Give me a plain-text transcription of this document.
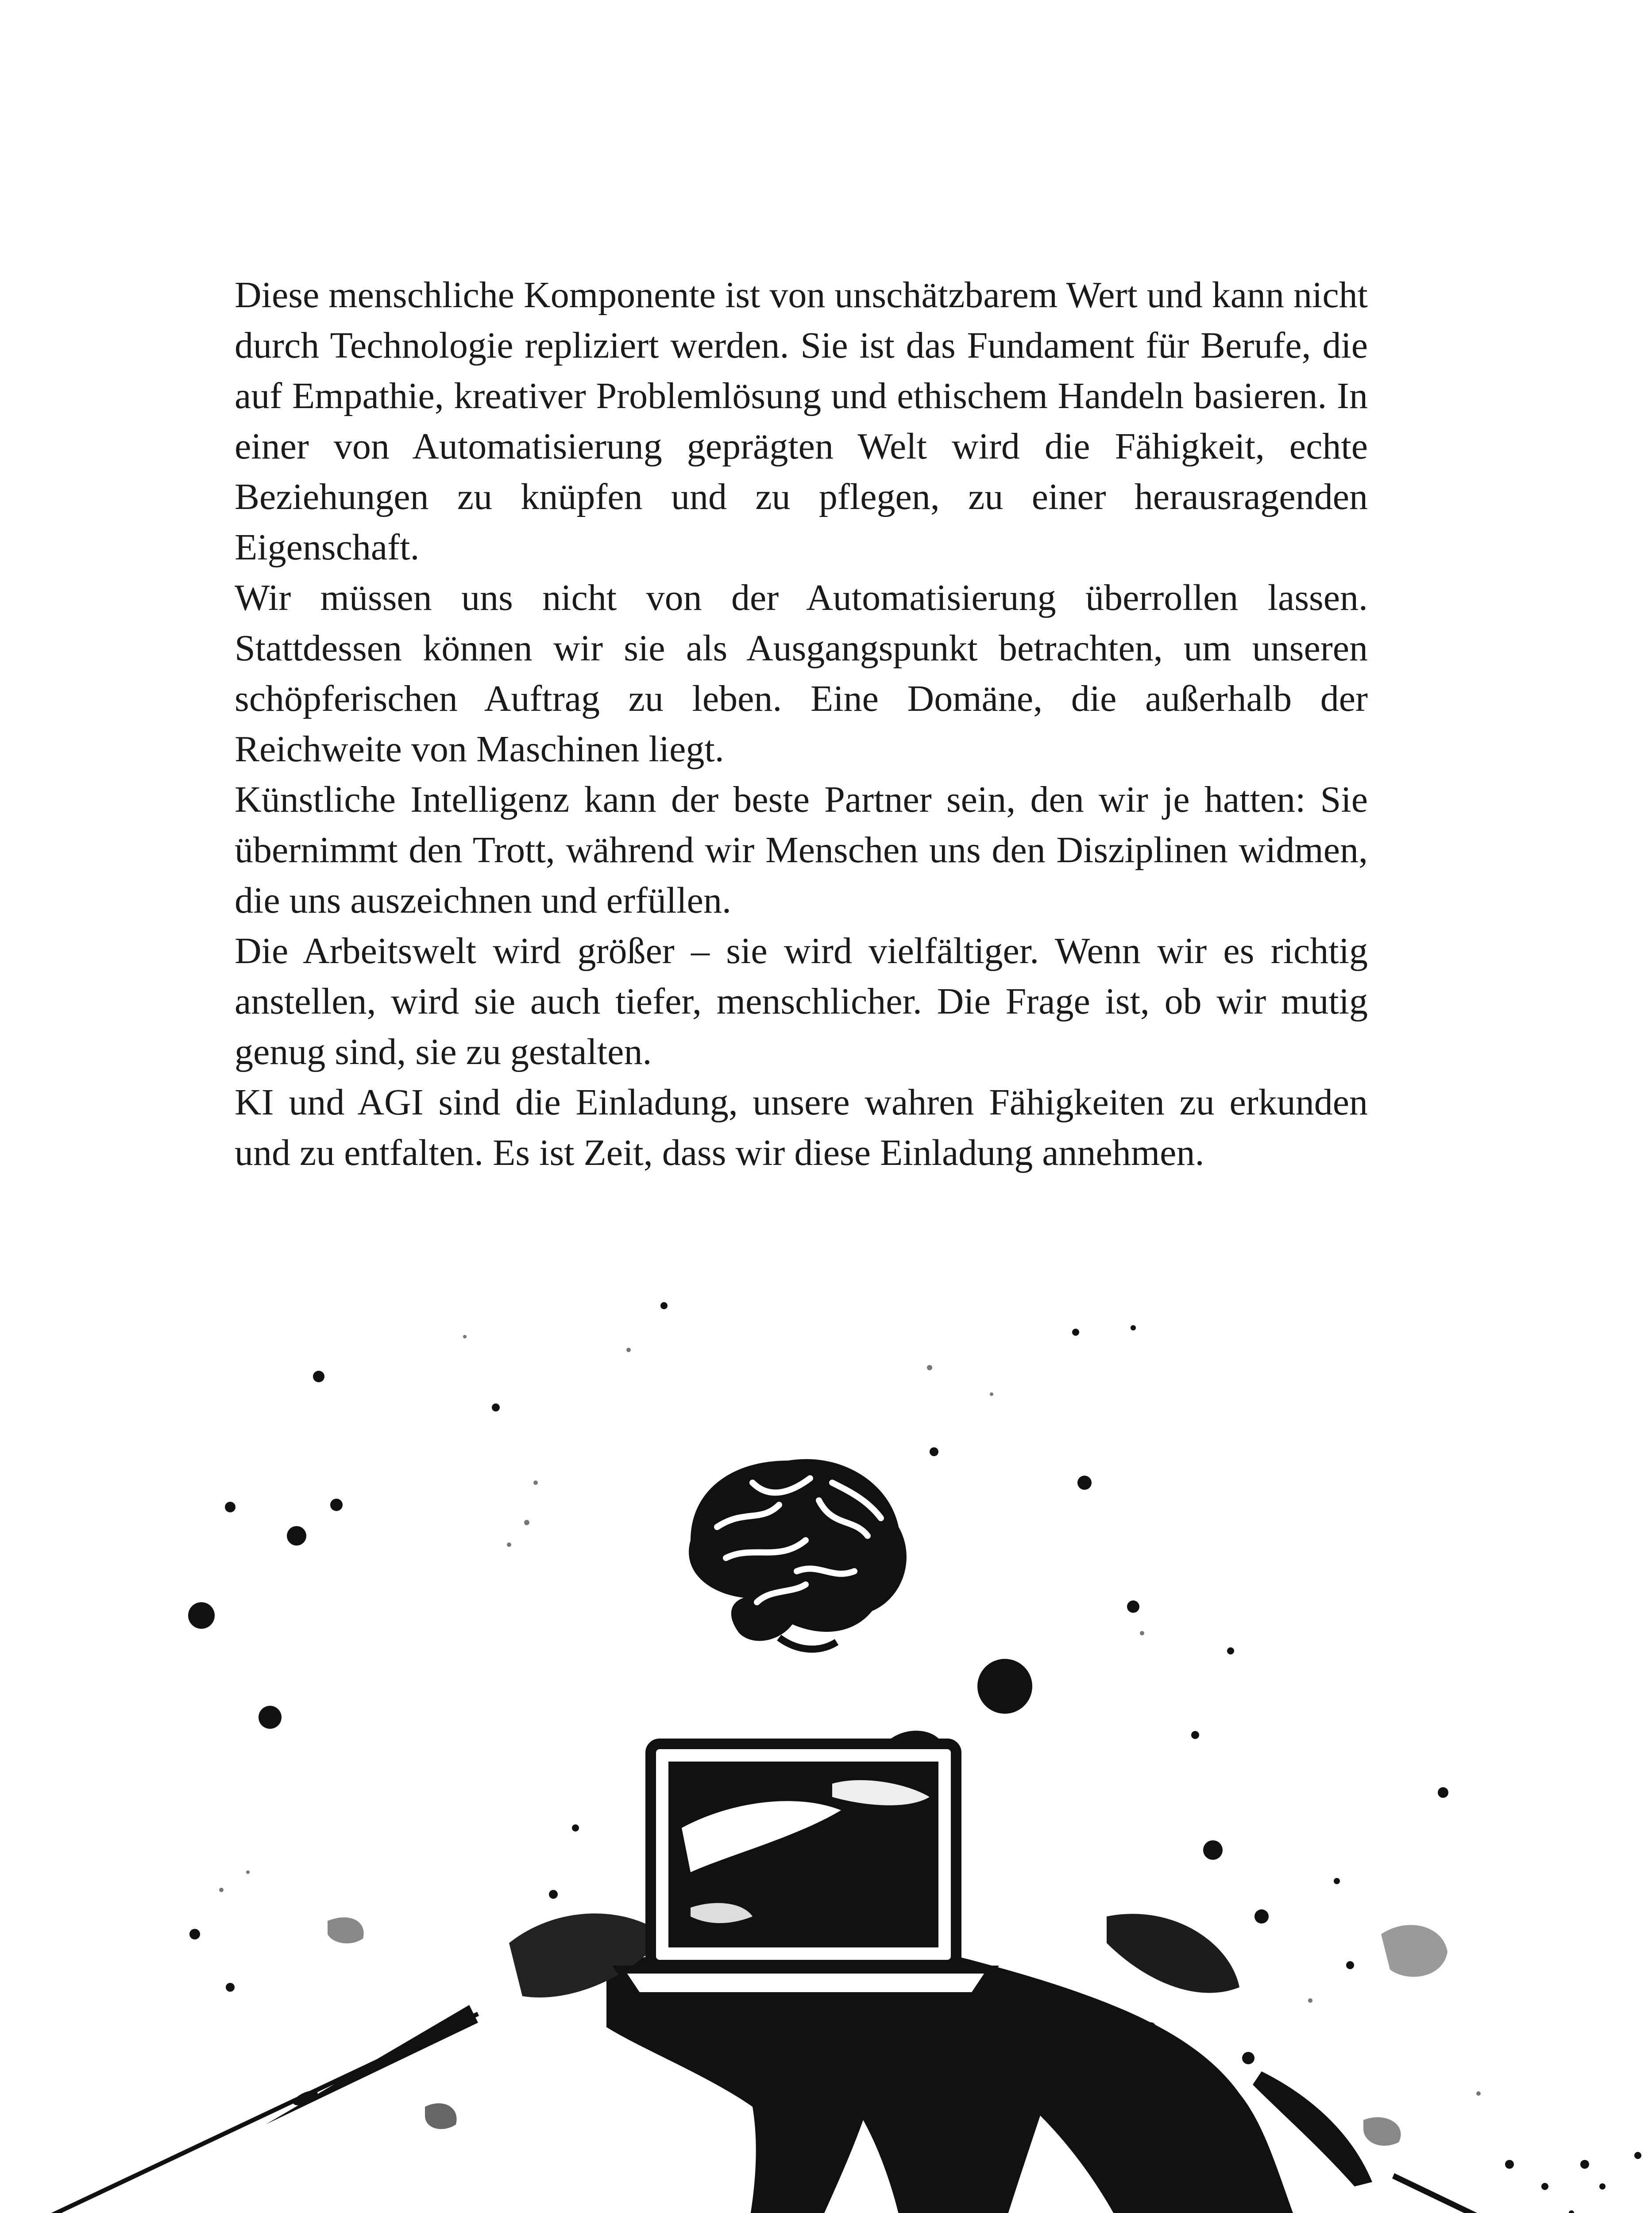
Diese menschliche Komponente ist von unschätzbarem Wert und kann nicht durch Technologie repliziert werden. Sie ist das Fundament für Berufe, die auf Empathie, kreativer Problemlösung und ethischem Handeln basieren. In einer von Automatisierung geprägten Welt wird die Fähigkeit, echte Beziehungen zu knüpfen und zu pflegen, zu einer herausragenden Eigenschaft.

Wir müssen uns nicht von der Automatisierung überrollen lassen. Stattdessen können wir sie als Ausgangspunkt betrachten, um unseren schöpferischen Auftrag zu leben. Eine Domäne, die außerhalb der Reichweite von Maschinen liegt.

Künstliche Intelligenz kann der beste Partner sein, den wir je hatten: Sie übernimmt den Trott, während wir Menschen uns den Disziplinen widmen, die uns auszeichnen und erfüllen.

Die Arbeitswelt wird größer – sie wird vielfältiger. Wenn wir es richtig anstellen, wird sie auch tiefer, menschlicher. Die Frage ist, ob wir mutig genug sind, sie zu gestalten.

KI und AGI sind die Einladung, unsere wahren Fähigkeiten zu erkunden und zu entfalten. Es ist Zeit, dass wir diese Einladung annehmen.
